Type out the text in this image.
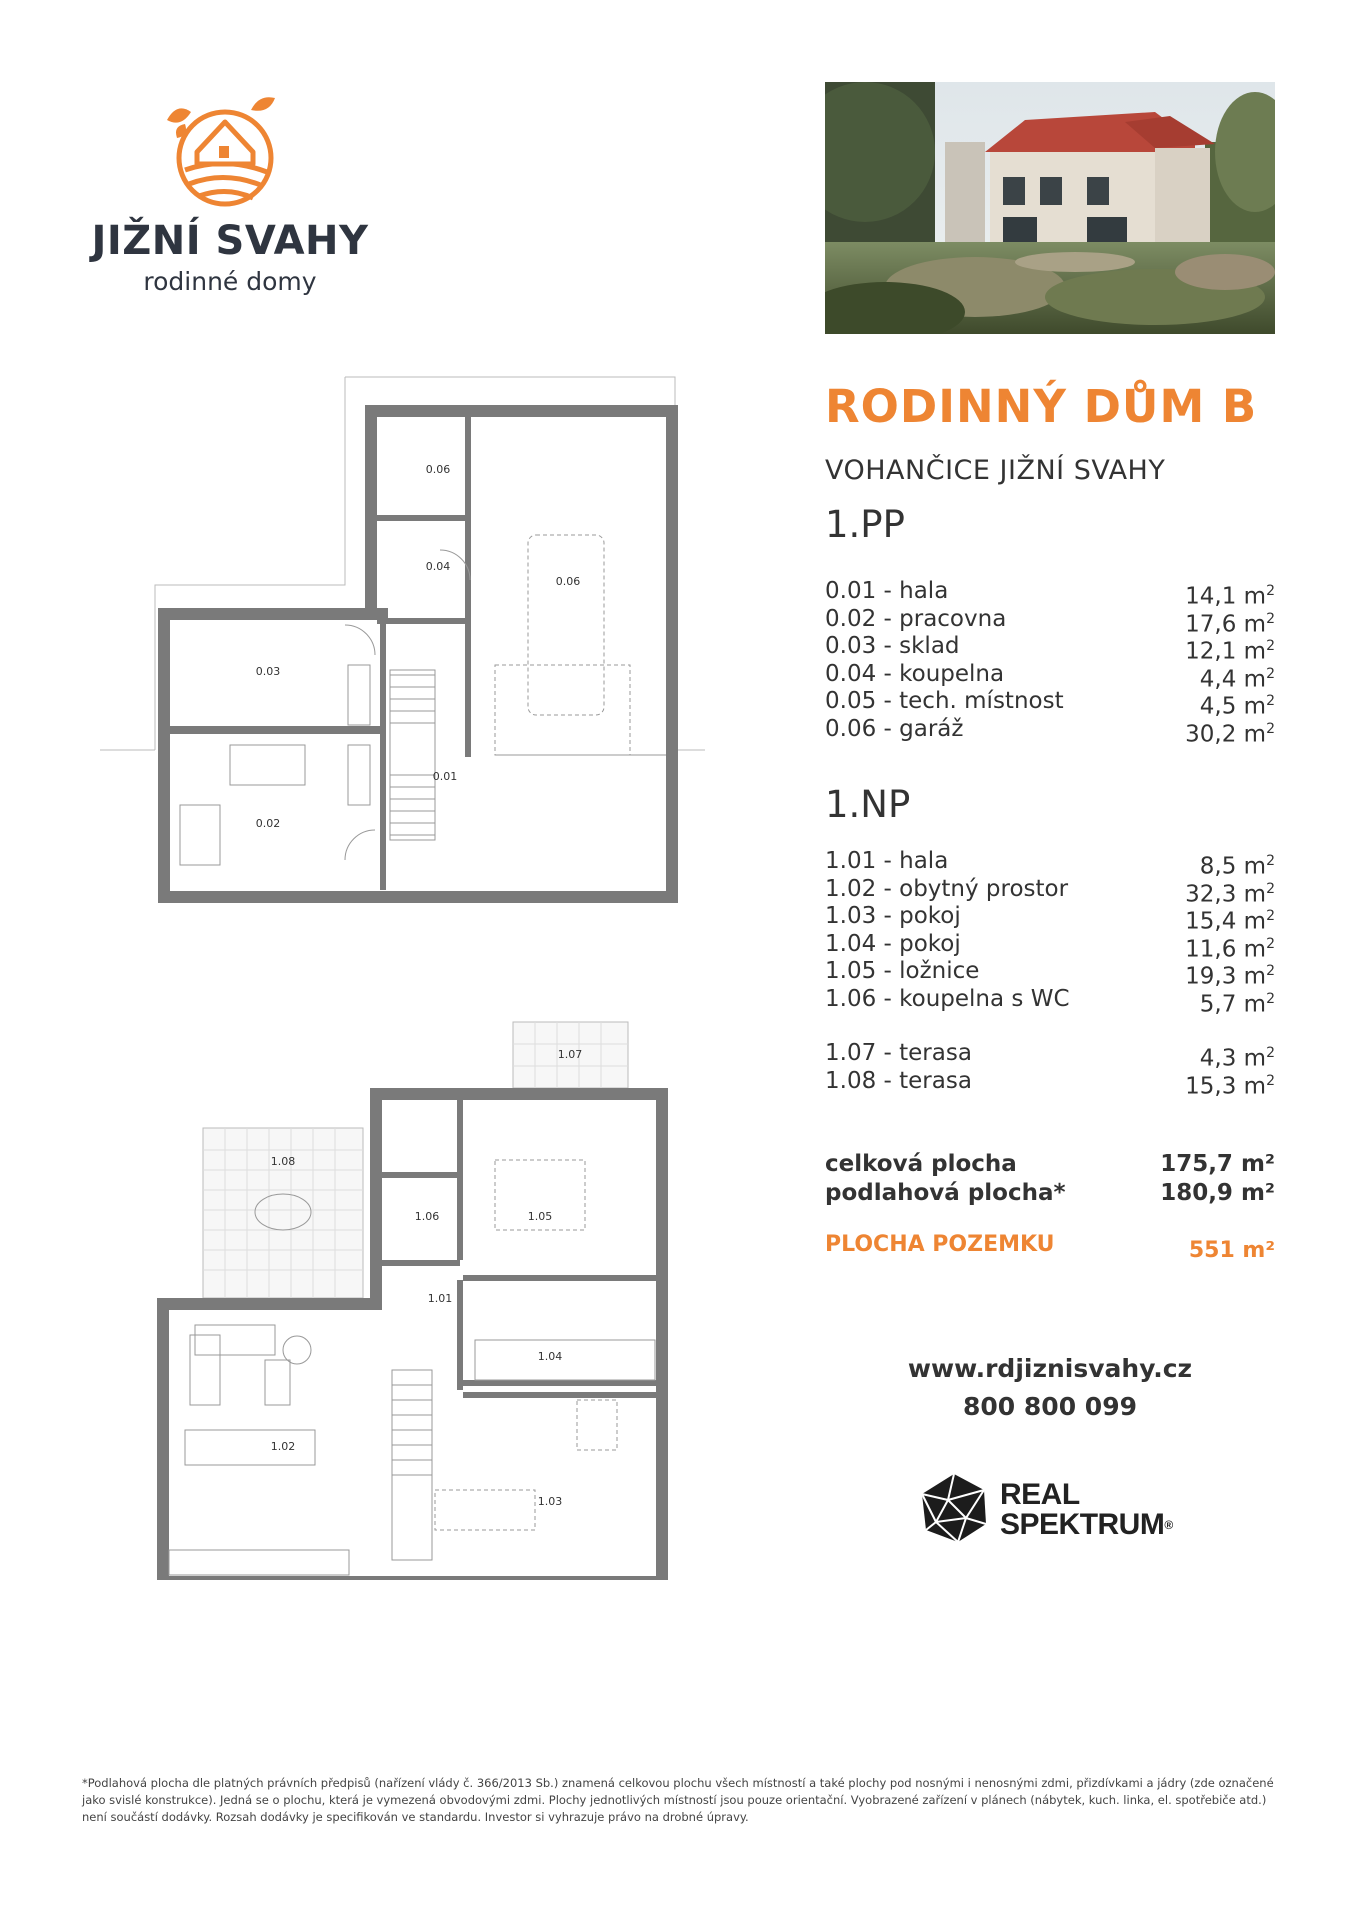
JIŽNÍ SVAHY
rodinné domy
RODINNÝ DŮM B
VOHANČICE JIŽNÍ SVAHY
1.PP
0.01 - hala	14,1 $m^2$
0.02 - pracovna	17,6 $m^2$
0.03 - sklad	12,1 $m^2$
0.04 - koupelna	4,4 $m^2$
0.05 - tech. místnost	4,5 $m^2$
0.06 - garáž	30,2 $m^2$
1.NP
1.01 - hala	8,5 $m^2$
1.02 - obytný prostor	32,3 $m^2$
1.03 - pokoj	15,4 $m^2$
1.04 - pokoj	11,6 $m^2$
1.05 - ložnice	19,3 $m^2$
1.06 - koupelna s WC	5,7 $m^2$
1.07 - terasa	4,3 $m^2$
1.08 - terasa	15,3 $m^2$
celková plocha	175,7 m²
podlahová plocha*	180,9 m²
PLOCHA POZEMKU	551 m²
www.rdjiznisvahy.cz
800 800 099
REAL
SPEKTRUM®
0.06
0.04
0.06
0.03
0.02
0.01
1.07
1.08
1.06	1.05
1.01
1.04
1.02
1.03
*Podlahová plocha dle platných právních předpisů (nařízení vlády č. 366/2013 Sb.) znamená celkovou plochu všech místností a také plochy pod nosnými i nenosnými zdmi, přizdívkami a jádry (zde označené jako svislé konstrukce). Jedná se o plochu, která je vymezená obvodovými zdmi. Plochy jednotlivých místností jsou pouze orientační. Vyobrazené zařízení v plánech (nábytek, kuch. linka, el. spotřebiče atd.) není součástí dodávky. Rozsah dodávky je specifikován ve standardu. Investor si vyhrazuje právo na drobné úpravy.
